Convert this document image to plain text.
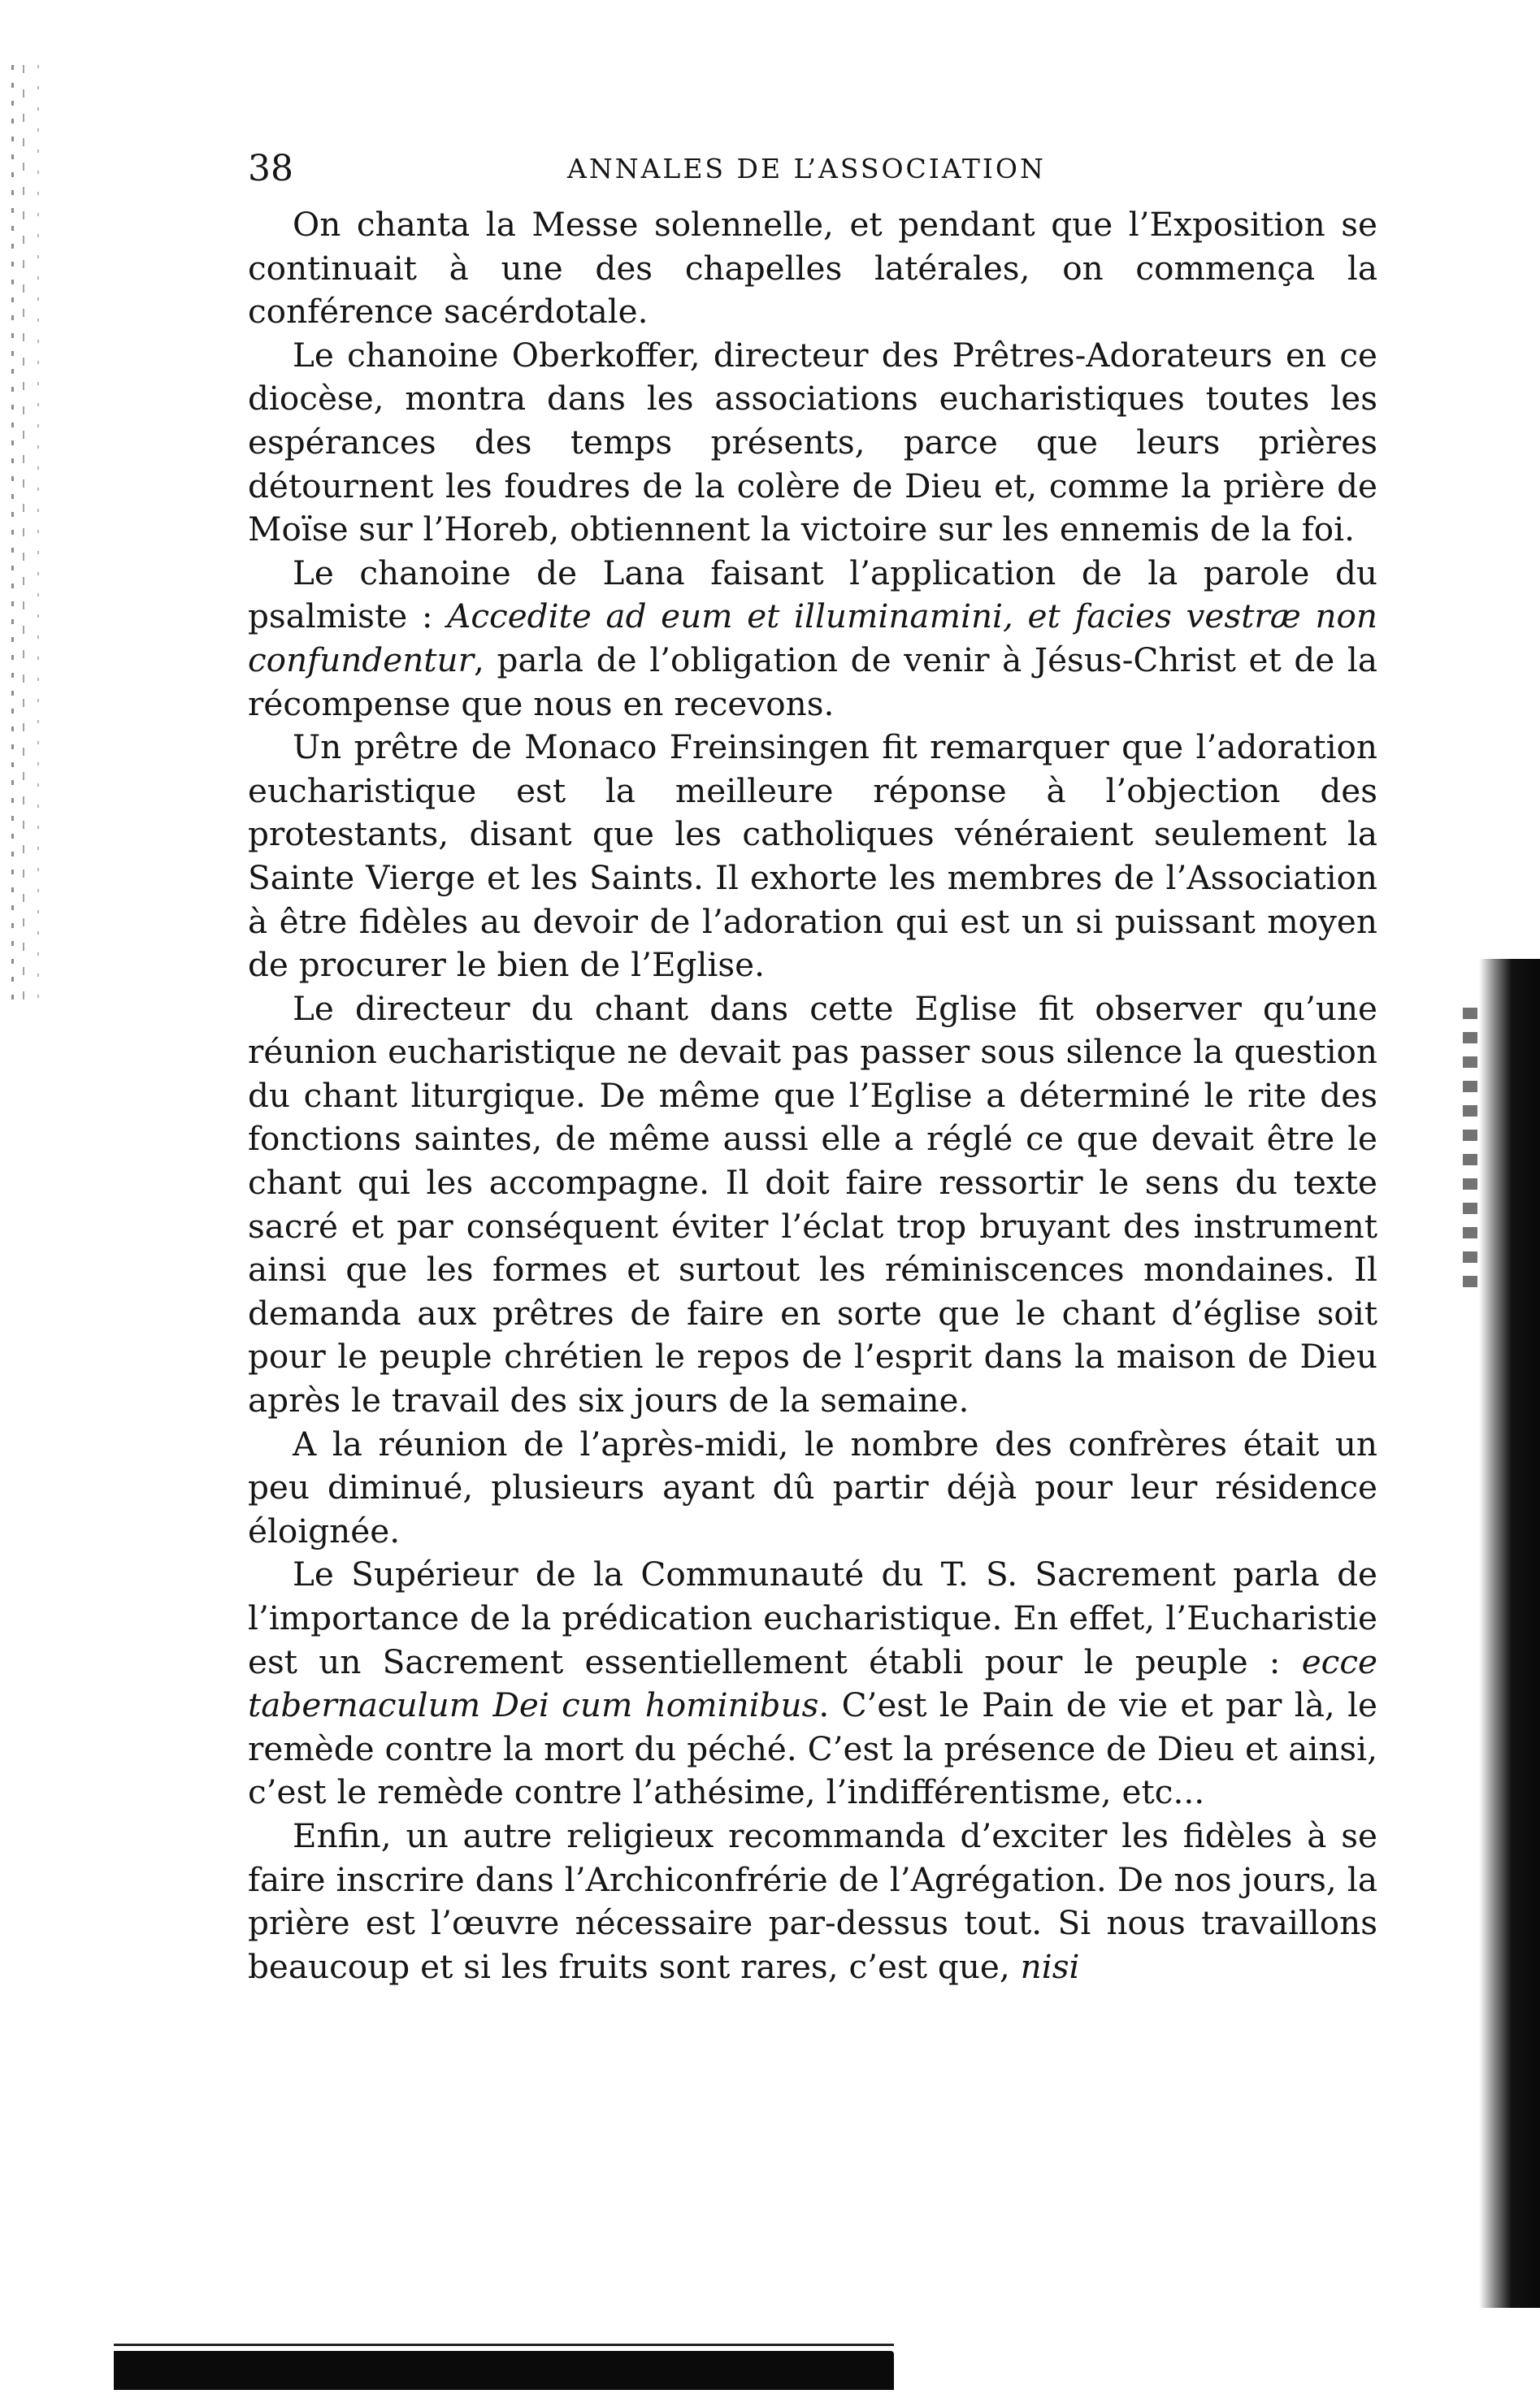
38	ANNALES DE L’ASSOCIATION

On chanta la Messe solennelle, et pendant que l’Exposition se continuait à une des chapelles latérales, on commença la conférence sacérdotale.

Le chanoine Oberkoffer, directeur des Prêtres-Adorateurs en ce diocèse, montra dans les associations eucharistiques toutes les espérances des temps présents, parce que leurs prières détournent les foudres de la colère de Dieu et, comme la prière de Moïse sur l’Horeb, obtiennent la victoire sur les ennemis de la foi.

Le chanoine de Lana faisant l’application de la parole du psalmiste : Accedite ad eum et illuminamini, et facies vestræ non confundentur, parla de l’obligation de venir à Jésus-Christ et de la récompense que nous en recevons.

Un prêtre de Monaco Freinsingen fit remarquer que l’adoration eucharistique est la meilleure réponse à l’objection des protestants, disant que les catholiques vénéraient seulement la Sainte Vierge et les Saints. Il exhorte les membres de l’Association à être fidèles au devoir de l’adoration qui est un si puissant moyen de procurer le bien de l’Eglise.

Le directeur du chant dans cette Eglise fit observer qu’une réunion eucharistique ne devait pas passer sous silence la question du chant liturgique. De même que l’Eglise a déterminé le rite des fonctions saintes, de même aussi elle a réglé ce que devait être le chant qui les accompagne. Il doit faire ressortir le sens du texte sacré et par conséquent éviter l’éclat trop bruyant des instrument ainsi que les formes et surtout les réminiscences mondaines. Il demanda aux prêtres de faire en sorte que le chant d’église soit pour le peuple chrétien le repos de l’esprit dans la maison de Dieu après le travail des six jours de la semaine.

A la réunion de l’après-midi, le nombre des confrères était un peu diminué, plusieurs ayant dû partir déjà pour leur résidence éloignée.

Le Supérieur de la Communauté du T. S. Sacrement parla de l’importance de la prédication eucharistique. En effet, l’Eucharistie est un Sacrement essentiellement établi pour le peuple : ecce tabernaculum Dei cum hominibus. C’est le Pain de vie et par là, le remède contre la mort du péché. C’est la présence de Dieu et ainsi, c’est le remède contre l’athésime, l’indifférentisme, etc...

Enfin, un autre religieux recommanda d’exciter les fidèles à se faire inscrire dans l’Archiconfrérie de l’Agrégation. De nos jours, la prière est l’œuvre nécessaire par-dessus tout. Si nous travaillons beaucoup et si les fruits sont rares, c’est que, nisi
